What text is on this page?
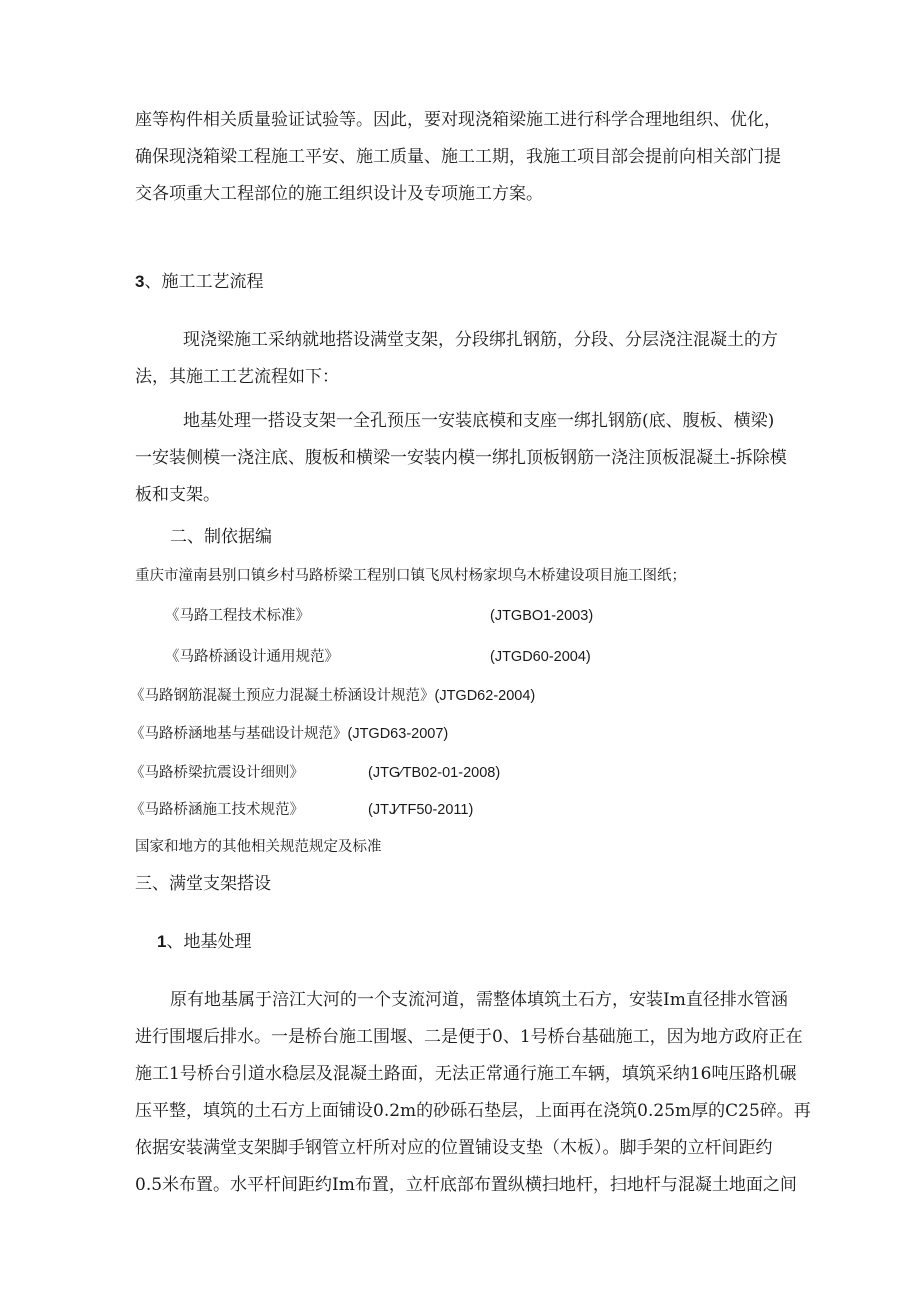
座等构件相关质量验证试验等。因此，要对现浇箱梁施工进行科学合理地组织、优化，
确保现浇箱梁工程施工平安、施工质量、施工工期，我施工项目部会提前向相关部门提
交各项重大工程部位的施工组织设计及专项施工方案。
3、施工工艺流程
现浇梁施工采纳就地搭设满堂支架，分段绑扎钢筋，分段、分层浇注混凝土的方
法，其施工工艺流程如下：
地基处理一搭设支架一全孔预压一安装底模和支座一绑扎钢筋(底、腹板、横梁)
一安装侧模一浇注底、腹板和横梁一安装内模一绑扎顶板钢筋一浇注顶板混凝土-拆除模
板和支架。
二、制依据编
重庆市潼南县别口镇乡村马路桥梁工程别口镇飞凤村杨家坝乌木桥建设项目施工图纸；
《马路工程技术标准》	(JTGBO1-2003)
《马路桥涵设计通用规范》	(JTGD60-2004)
《马路钢筋混凝土预应力混凝土桥涵设计规范》(JTGD62-2004)
《马路桥涵地基与基础设计规范》(JTGD63-2007)
《马路桥梁抗震设计细则》	(JTG∕TB02-01-2008)
《马路桥涵施工技术规范》	(JTJ∕TF50-2011)
国家和地方的其他相关规范规定及标准
三、满堂支架搭设
1、地基处理
原有地基属于涪江大河的一个支流河道，需整体填筑土石方，安装Im直径排水管涵
进行围堰后排水。一是桥台施工围堰、二是便于0、1号桥台基础施工，因为地方政府正在
施工1号桥台引道水稳层及混凝土路面，无法正常通行施工车辆，填筑采纳16吨压路机碾
压平整，填筑的土石方上面铺设0.2m的砂砾石垫层，上面再在浇筑0.25m厚的C25碎。再
依据安装满堂支架脚手钢管立杆所对应的位置铺设支垫（木板）。脚手架的立杆间距约
0.5米布置。水平杆间距约Im布置，立杆底部布置纵横扫地杆，扫地杆与混凝土地面之间
